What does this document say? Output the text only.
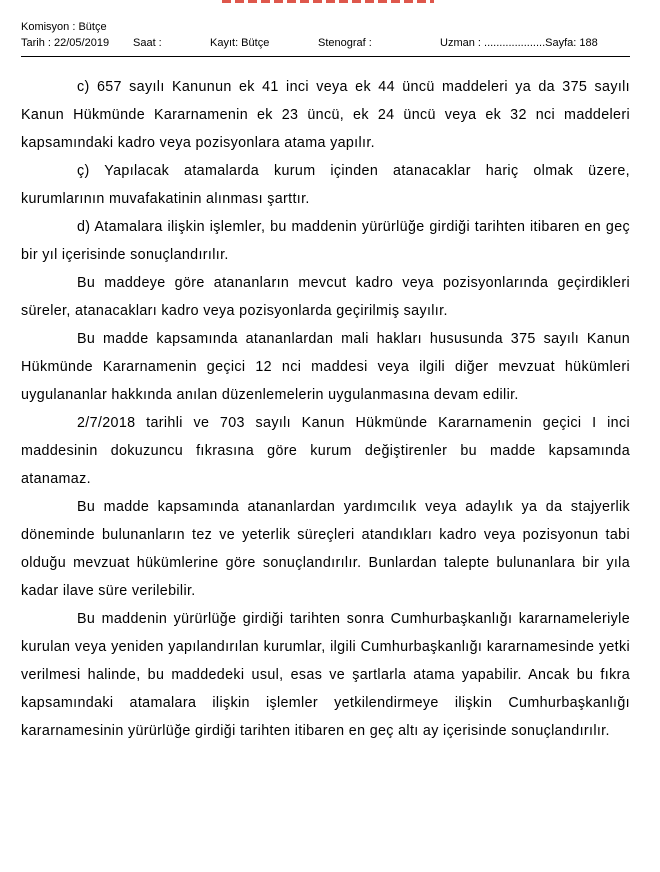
Komisyon : Bütçe
Tarih : 22/05/2019 Saat :	Kayıt: Bütçe	Stenograf :	Uzman : ....................Sayfa: 188

c) 657 sayılı Kanunun ek 41 inci veya ek 44 üncü maddeleri ya da 375 sayılı Kanun Hükmünde Kararnamenin ek 23 üncü, ek 24 üncü veya ek 32 nci maddeleri kapsamındaki kadro veya pozisyonlara atama yapılır.

ç) Yapılacak atamalarda kurum içinden atanacaklar hariç olmak üzere, kurumlarının muvafakatinin alınması şarttır.

d) Atamalara ilişkin işlemler, bu maddenin yürürlüğe girdiği tarihten itibaren en geç bir yıl içerisinde sonuçlandırılır.

Bu maddeye göre atananların mevcut kadro veya pozisyonlarında geçirdikleri süreler, atanacakları kadro veya pozisyonlarda geçirilmiş sayılır.

Bu madde kapsamında atananlardan mali hakları hususunda 375 sayılı Kanun Hükmünde Kararnamenin geçici 12 nci maddesi veya ilgili diğer mevzuat hükümleri uygulananlar hakkında anılan düzenlemelerin uygulanmasına devam edilir.

2/7/2018 tarihli ve 703 sayılı Kanun Hükmünde Kararnamenin geçici I inci maddesinin dokuzuncu fıkrasına göre kurum değiştirenler bu madde kapsamında atanamaz.

Bu madde kapsamında atananlardan yardımcılık veya adaylık ya da stajyerlik döneminde bulunanların tez ve yeterlik süreçleri atandıkları kadro veya pozisyonun tabi olduğu mevzuat hükümlerine göre sonuçlandırılır. Bunlardan talepte bulunanlara bir yıla kadar ilave süre verilebilir.

Bu maddenin yürürlüğe girdiği tarihten sonra Cumhurbaşkanlığı kararnameleriyle kurulan veya yeniden yapılandırılan kurumlar, ilgili Cumhurbaşkanlığı kararnamesinde yetki verilmesi halinde, bu maddedeki usul, esas ve şartlarla atama yapabilir. Ancak bu fıkra kapsamındaki atamalara ilişkin işlemler yetkilendirmeye ilişkin Cumhurbaşkanlığı kararnamesinin yürürlüğe girdiği tarihten itibaren en geç altı ay içerisinde sonuçlandırılır.
